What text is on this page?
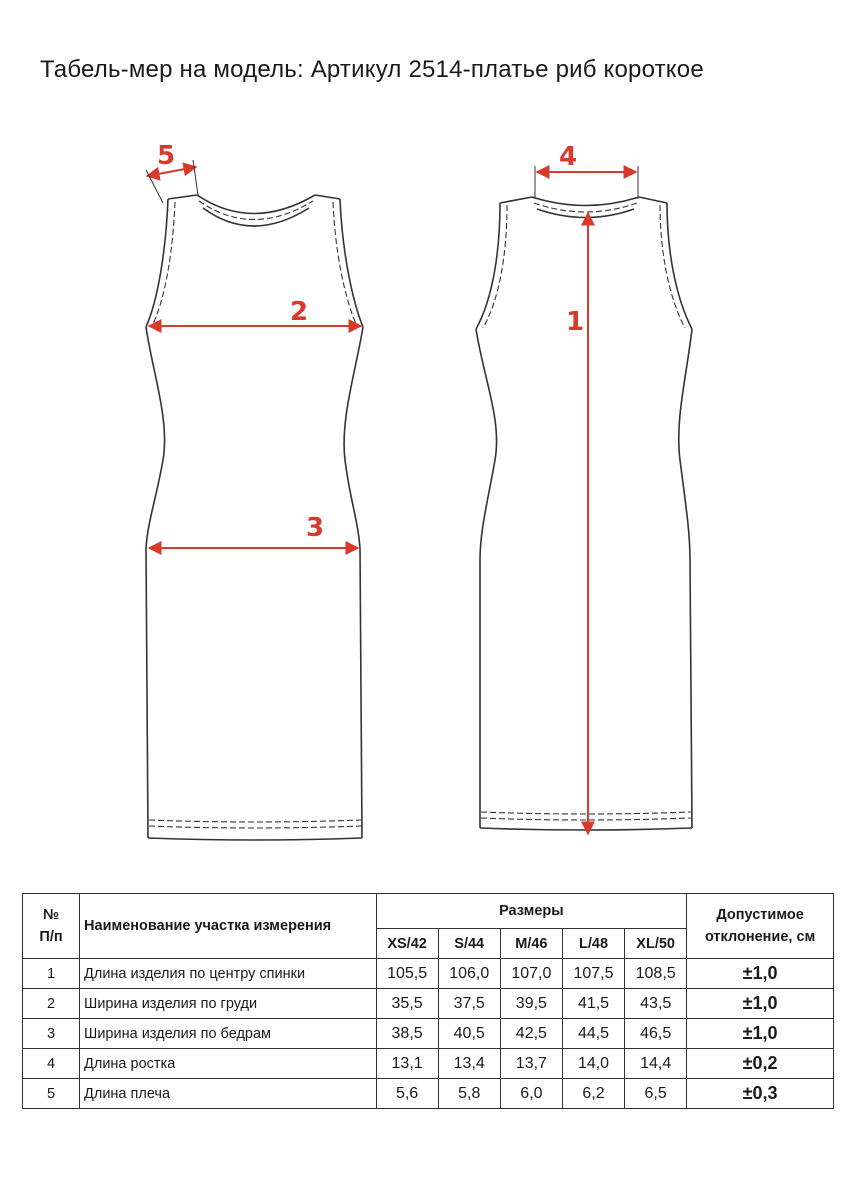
Табель-мер на модель: Артикул 2514-платье риб короткое
5
2
3
4
1
№
П/п	Наименование участка измерения	Размеры					Допустимое
отклонение, см
		XS/42	S/44	M/46	L/48	XL/50	
1	Длина изделия по центру спинки	105,5	106,0	107,0	107,5	108,5	±1,0
2	Ширина изделия по груди	35,5	37,5	39,5	41,5	43,5	±1,0
3	Ширина изделия по бедрам	38,5	40,5	42,5	44,5	46,5	±1,0
4	Длина ростка	13,1	13,4	13,7	14,0	14,4	±0,2
5	Длина плеча	5,6	5,8	6,0	6,2	6,5	±0,3
